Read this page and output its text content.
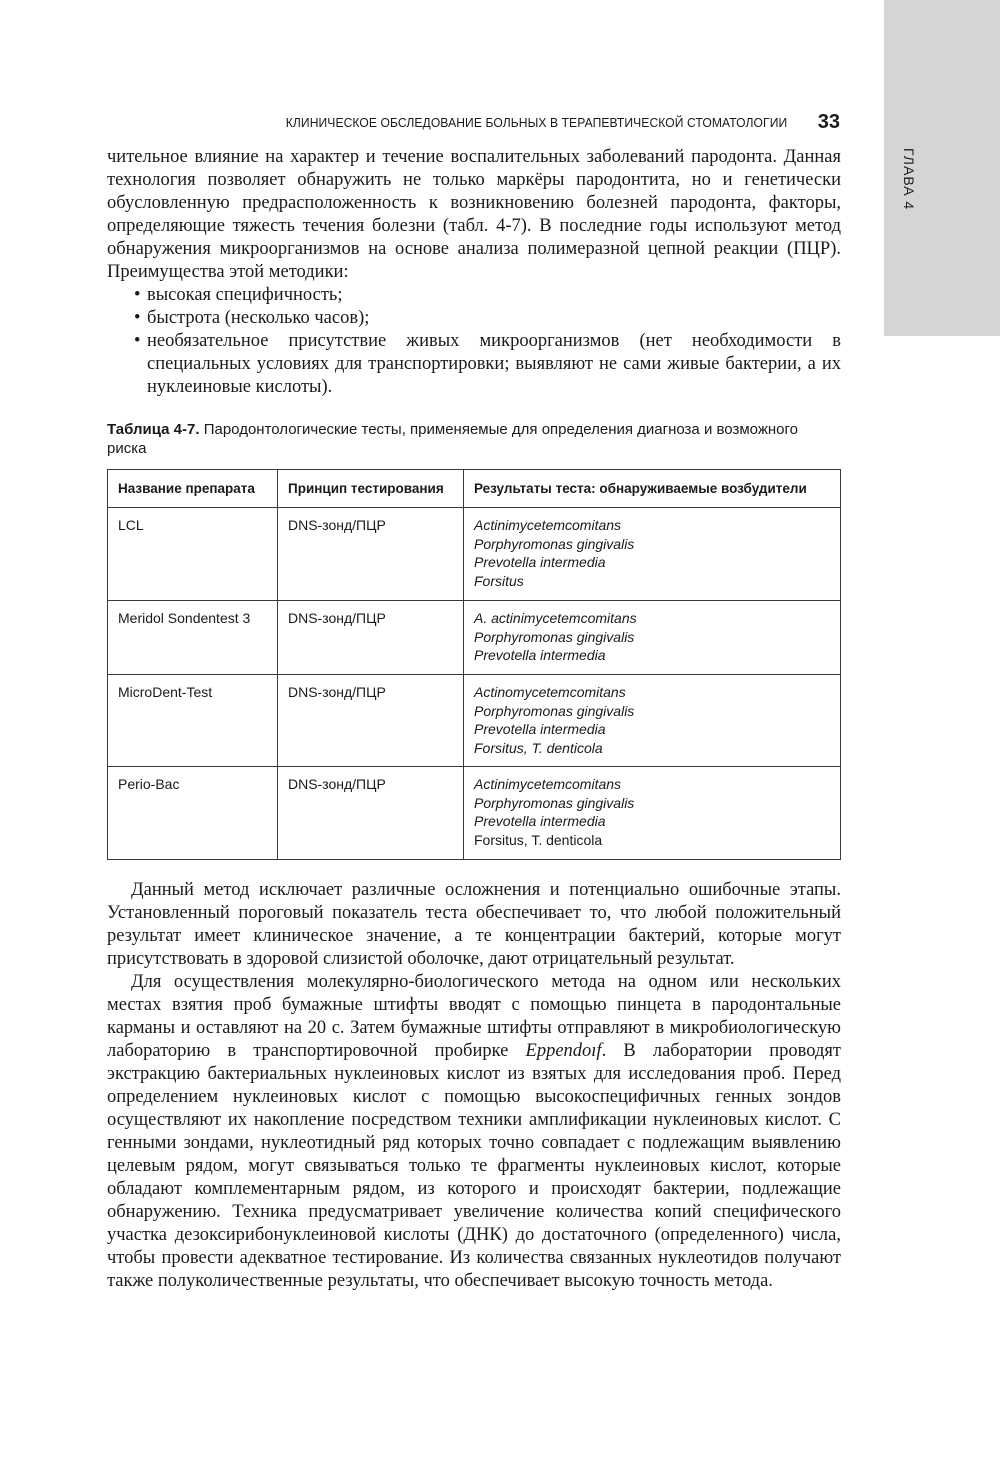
ГЛАВА 4
КЛИНИЧЕСКОЕ ОБСЛЕДОВАНИЕ БОЛЬНЫХ В ТЕРАПЕВТИЧЕСКОЙ СТОМАТОЛОГИИ 33

чительное влияние на характер и течение воспалительных заболеваний пародонта. Данная технология позволяет обнаружить не только маркёры пародонтита, но и генетически обусловленную предрасположенность к возникновению болезней пародонта, факторы, определяющие тяжесть течения болезни (табл. 4-7). В последние годы используют метод обнаружения микроорганизмов на основе анализа полимеразной цепной реакции (ПЦР). Преимущества этой методики:

• высокая специфичность;
• быстрота (несколько часов);
• необязательное присутствие живых микроорганизмов (нет необходимости в специальных условиях для транспортировки; выявляют не сами живые бактерии, а их нуклеиновые кислоты).
Таблица 4-7. Пародонтологические тесты, применяемые для определения диагноза и возможного риска
Название препарата	Принцип тестирования	Результаты теста: обнаруживаемые возбудители
LCL	DNS-зонд/ПЦР	Actinimycetemcomitans
Porphyromonas gingivalis
Prevotella intermedia
Forsitus

Meridol Sondentest 3	DNS-зонд/ПЦР	A. actinimycetemcomitans
Porphyromonas gingivalis
Prevotella intermedia

MicroDent-Test	DNS-зонд/ПЦР	Actinomycetemcomitans
Porphyromonas gingivalis
Prevotella intermedia
Forsitus, T. denticola

Perio-Bac	DNS-зонд/ПЦР	Actinimycetemcomitans
Porphyromonas gingivalis
Prevotella intermedia
Forsitus, T. denticola

Данный метод исключает различные осложнения и потенциально ошибочные этапы. Установленный пороговый показатель теста обеспечивает то, что любой положительный результат имеет клиническое значение, а те концентрации бактерий, которые могут присутствовать в здоровой слизистой оболочке, дают отрицательный результат.

Для осуществления молекулярно-биологического метода на одном или нескольких местах взятия проб бумажные штифты вводят с помощью пинцета в пародонтальные карманы и оставляют на 20 с. Затем бумажные штифты отправляют в микробиологическую лабораторию в транспортировочной пробирке Eppendoıf. В лаборатории проводят экстракцию бактериальных нуклеиновых кислот из взятых для исследования проб. Перед определением нуклеиновых кислот с помощью высокоспецифичных генных зондов осуществляют их накопление посредством техники амплификации нуклеиновых кислот. С генными зондами, нуклеотидный ряд которых точно совпадает с подлежащим выявлению целевым рядом, могут связываться только те фрагменты нуклеиновых кислот, которые обладают комплементарным рядом, из которого и происходят бактерии, подлежащие обнаружению. Техника предусматривает увеличение количества копий специфического участка дезоксирибонуклеиновой кислоты (ДНК) до достаточного (определенного) числа, чтобы провести адекватное тестирование. Из количества связанных нуклеотидов получают также полуколичественные результаты, что обеспечивает высокую точность метода.
